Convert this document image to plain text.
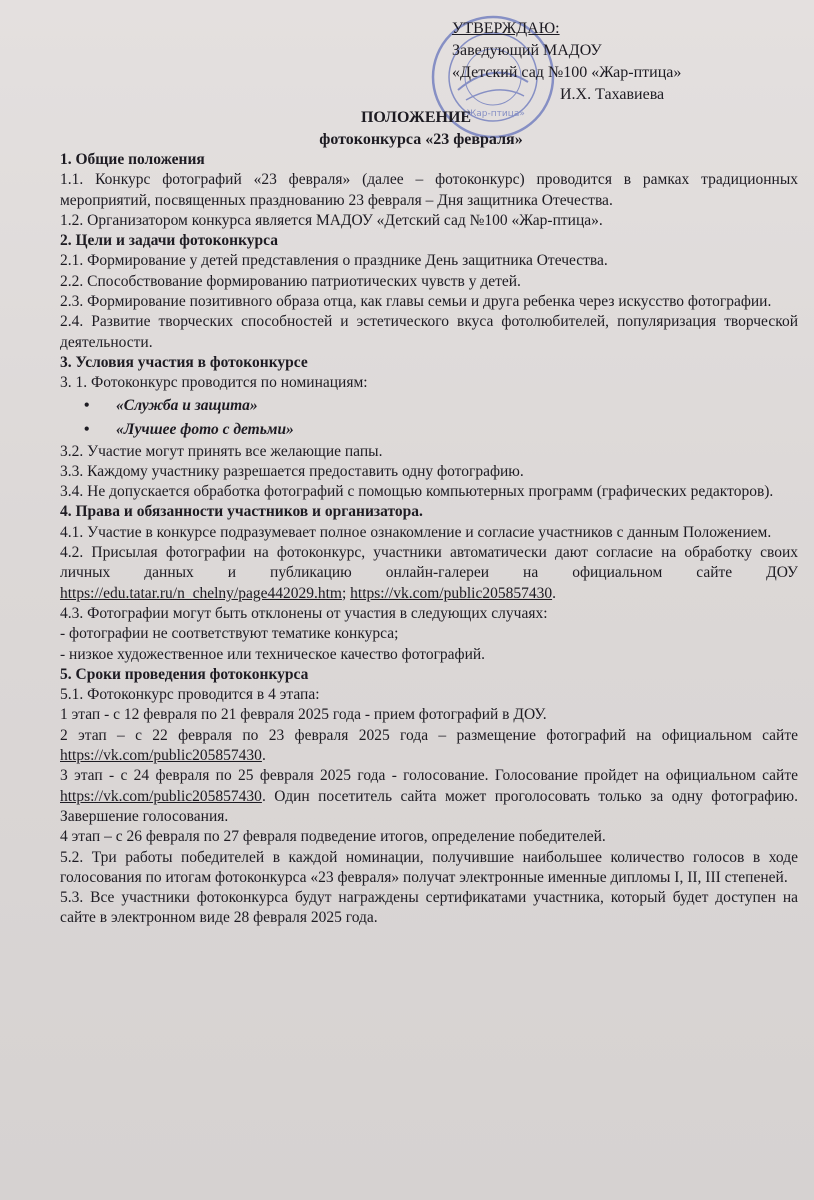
«Жар-птица»
УТВЕРЖДАЮ:
Заведующий МАДОУ
«Детский сад №100 «Жар-птица»
И.Х. Тахавиева
ПОЛОЖЕНИЕ
фотоконкурса «23 февраля»

1. Общие положения

1.1. Конкурс фотографий «23 февраля» (далее – фотоконкурс) проводится в рамках традиционных мероприятий, посвященных празднованию 23 февраля – Дня защитника Отечества.

1.2. Организатором конкурса является МАДОУ «Детский сад №100 «Жар-птица».

2. Цели и задачи фотоконкурса

2.1. Формирование у детей представления о празднике День защитника Отечества.

2.2. Способствование формированию патриотических чувств у детей.

2.3. Формирование позитивного образа отца, как главы семьи и друга ребенка через искусство фотографии.

2.4. Развитие творческих способностей и эстетического вкуса фотолюбителей, популяризация творческой деятельности.

3. Условия участия в фотоконкурсе

3. 1. Фотоконкурс проводится по номинациям:

• «Служба и защита»

• «Лучшее фото с детьми»

3.2. Участие могут принять все желающие папы.

3.3. Каждому участнику разрешается предоставить одну фотографию.

3.4. Не допускается обработка фотографий с помощью компьютерных программ (графических редакторов).

4. Права и обязанности участников и организатора.

4.1. Участие в конкурсе подразумевает полное ознакомление и согласие участников с данным Положением.

4.2. Присылая фотографии на фотоконкурс, участники автоматически дают согласие на обработку своих личных данных и публикацию онлайн-галереи на официальном сайте ДОУ https://edu.tatar.ru/n_chelny/page442029.htm; https://vk.com/public205857430.

4.3. Фотографии могут быть отклонены от участия в следующих случаях:

- фотографии не соответствуют тематике конкурса;

- низкое художественное или техническое качество фотографий.

5. Сроки проведения фотоконкурса

5.1. Фотоконкурс проводится в 4 этапа:

1 этап - с 12 февраля по 21 февраля 2025 года - прием фотографий в ДОУ.

2 этап – с 22 февраля по 23 февраля 2025 года – размещение фотографий на официальном сайте https://vk.com/public205857430.

3 этап - с 24 февраля по 25 февраля 2025 года - голосование. Голосование пройдет на официальном сайте https://vk.com/public205857430. Один посетитель сайта может проголосовать только за одну фотографию. Завершение голосования.

4 этап – с 26 февраля по 27 февраля подведение итогов, определение победителей.

5.2. Три работы победителей в каждой номинации, получившие наибольшее количество голосов в ходе голосования по итогам фотоконкурса «23 февраля» получат электронные именные дипломы I, II, III степеней.

5.3. Все участники фотоконкурса будут награждены сертификатами участника, который будет доступен на сайте в электронном виде 28 февраля 2025 года.
